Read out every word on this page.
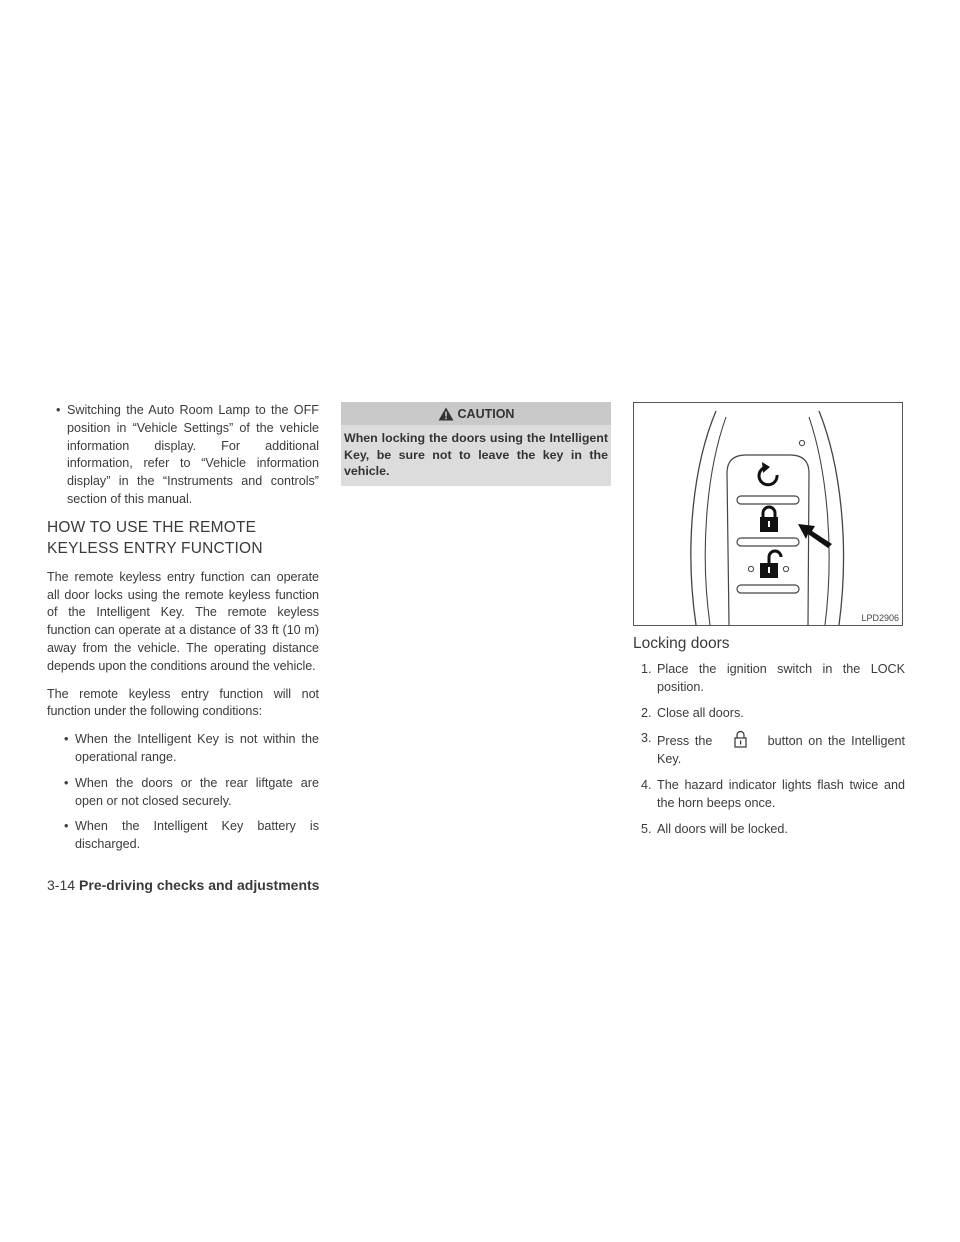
• Switching the Auto Room Lamp to the OFF position in “Vehicle Settings” of the vehicle information display. For additional information, refer to “Vehicle information display” in the “Instruments and controls” section of this manual.
HOW TO USE THE REMOTE
KEYLESS ENTRY FUNCTION

The remote keyless entry function can operate all door locks using the remote keyless function of the Intelligent Key. The remote keyless function can operate at a distance of 33 ft (10 m) away from the vehicle. The operating distance depends upon the conditions around the vehicle.

The remote keyless entry function will not function under the following conditions:

• When the Intelligent Key is not within the operational range.
• When the doors or the rear liftgate are open or not closed securely.
• When the Intelligent Key battery is discharged.
CAUTION
When locking the doors using the Intelligent Key, be sure not to leave the key in the vehicle.
LPD2906
Locking doors
1. Place the ignition switch in the LOCK position.
2. Close all doors.
3. Press the	button on the Intelligent Key.
4. The hazard indicator lights flash twice and the horn beeps once.
5. All doors will be locked.
3-14 Pre-driving checks and adjustments
